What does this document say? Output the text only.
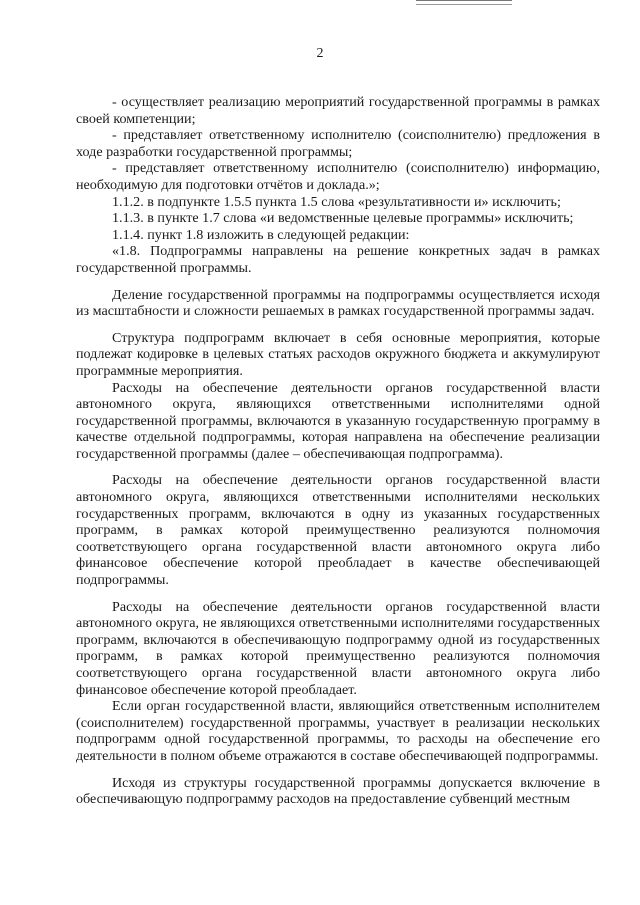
2

- осуществляет реализацию мероприятий государственной программы в рамках своей компетенции;

- представляет ответственному исполнителю (соисполнителю) предложения в ходе разработки государственной программы;

- представляет ответственному исполнителю (соисполнителю) информацию, необходимую для подготовки отчётов и доклада.»;

1.1.2. в подпункте 1.5.5 пункта 1.5 слова «результативности и» исключить;

1.1.3. в пункте 1.7 слова «и ведомственные целевые программы» исключить;

1.1.4. пункт 1.8 изложить в следующей редакции:

«1.8. Подпрограммы направлены на решение конкретных задач в рамках государственной программы.

Деление государственной программы на подпрограммы осуществляется исходя из масштабности и сложности решаемых в рамках государственной программы задач.

Структура подпрограмм включает в себя основные мероприятия, которые подлежат кодировке в целевых статьях расходов окружного бюджета и аккумулируют программные мероприятия.

Расходы на обеспечение деятельности органов государственной власти автономного округа, являющихся ответственными исполнителями одной государственной программы, включаются в указанную государственную программу в качестве отдельной подпрограммы, которая направлена на обеспечение реализации государственной программы (далее – обеспечивающая подпрограмма).

Расходы на обеспечение деятельности органов государственной власти автономного округа, являющихся ответственными исполнителями нескольких государственных программ, включаются в одну из указанных государственных программ, в рамках которой преимущественно реализуются полномочия соответствующего органа государственной власти автономного округа либо финансовое обеспечение которой преобладает в качестве обеспечивающей подпрограммы.

Расходы на обеспечение деятельности органов государственной власти автономного округа, не являющихся ответственными исполнителями государственных программ, включаются в обеспечивающую подпрограмму одной из государственных программ, в рамках которой преимущественно реализуются полномочия соответствующего органа государственной власти автономного округа либо финансовое обеспечение которой преобладает.

Если орган государственной власти, являющийся ответственным исполнителем (соисполнителем) государственной программы, участвует в реализации нескольких подпрограмм одной государственной программы, то расходы на обеспечение его деятельности в полном объеме отражаются в составе обеспечивающей подпрограммы.

Исходя из структуры государственной программы допускается включение в обеспечивающую подпрограмму расходов на предоставление субвенций местным
